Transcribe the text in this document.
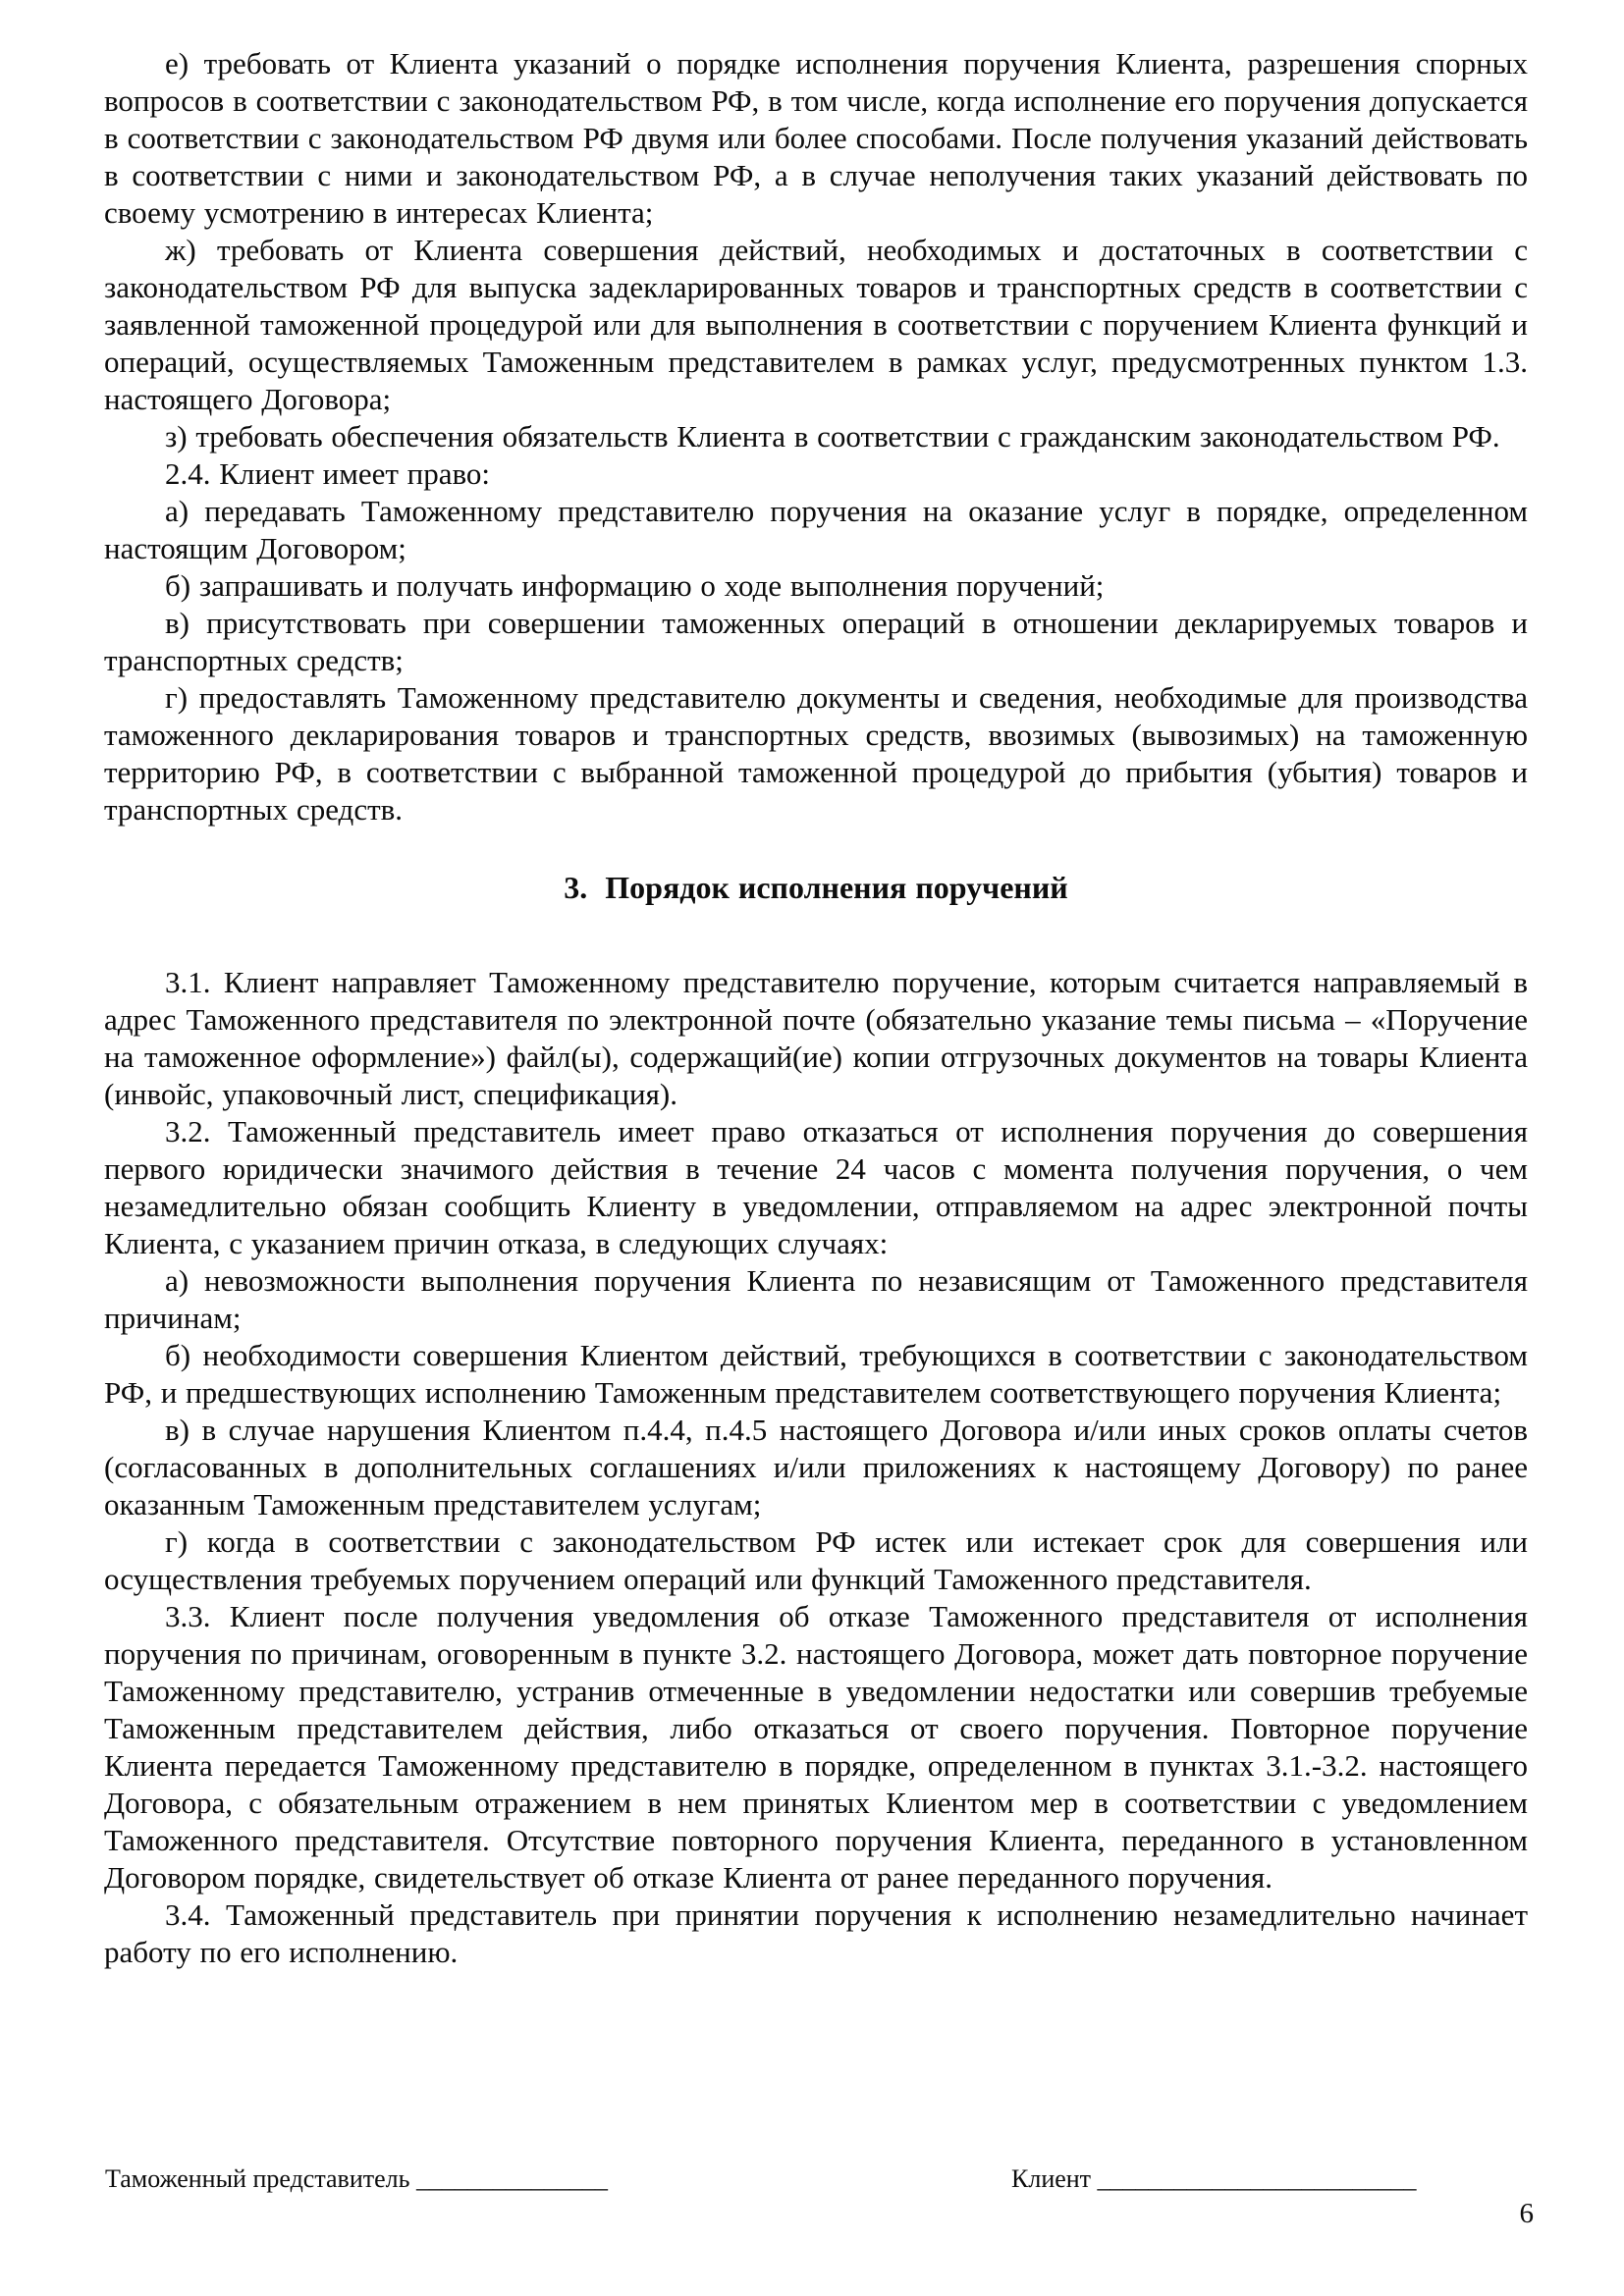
е) требовать от Клиента указаний о порядке исполнения поручения Клиента, разрешения спорных вопросов в соответствии с законодательством РФ, в том числе, когда исполнение его поручения допускается в соответствии с законодательством РФ двумя или более способами. После получения указаний действовать в соответствии с ними и законодательством РФ, а в случае неполучения таких указаний действовать по своему усмотрению в интересах Клиента;

ж) требовать от Клиента совершения действий, необходимых и достаточных в соответствии с законодательством РФ для выпуска задекларированных товаров и транспортных средств в соответствии с заявленной таможенной процедурой или для выполнения в соответствии с поручением Клиента функций и операций, осуществляемых Таможенным представителем в рамках услуг, предусмотренных пунктом 1.3. настоящего Договора;

з) требовать обеспечения обязательств Клиента в соответствии с гражданским законодательством РФ.

2.4. Клиент имеет право:

а) передавать Таможенному представителю поручения на оказание услуг в порядке, определенном настоящим Договором;

б) запрашивать и получать информацию о ходе выполнения поручений;

в) присутствовать при совершении таможенных операций в отношении декларируемых товаров и транспортных средств;

г) предоставлять Таможенному представителю документы и сведения, необходимые для производства таможенного декларирования товаров и транспортных средств, ввозимых (вывозимых) на таможенную территорию РФ, в соответствии с выбранной таможенной процедурой до прибытия (убытия) товаров и транспортных средств.

3.  Порядок исполнения поручений

3.1. Клиент направляет Таможенному представителю поручение, которым считается направляемый в адрес Таможенного представителя по электронной почте (обязательно указание темы письма – «Поручение на таможенное оформление») файл(ы), содержащий(ие) копии отгрузочных документов на товары Клиента (инвойс, упаковочный лист, спецификация).

3.2. Таможенный представитель имеет право отказаться от исполнения поручения до совершения первого юридически значимого действия в течение 24 часов с момента получения поручения, о чем незамедлительно обязан сообщить Клиенту в уведомлении, отправляемом на адрес электронной почты Клиента, с указанием причин отказа, в следующих случаях:

а) невозможности выполнения поручения Клиента по независящим от Таможенного представителя причинам;

б) необходимости совершения Клиентом действий, требующихся в соответствии с законодательством РФ, и предшествующих исполнению Таможенным представителем соответствующего поручения Клиента;

в) в случае нарушения Клиентом п.4.4, п.4.5 настоящего Договора и/или иных сроков оплаты счетов (согласованных в дополнительных соглашениях и/или приложениях к настоящему Договору) по ранее оказанным Таможенным представителем услугам;

г) когда в соответствии с законодательством РФ истек или истекает срок для совершения или осуществления требуемых поручением операций или функций Таможенного представителя.

3.3. Клиент после получения уведомления об отказе Таможенного представителя от исполнения поручения по причинам, оговоренным в пункте 3.2. настоящего Договора, может дать повторное поручение Таможенному представителю, устранив отмеченные в уведомлении недостатки или совершив требуемые Таможенным представителем действия, либо отказаться от своего поручения. Повторное поручение Клиента передается Таможенному представителю в порядке, определенном в пунктах 3.1.-3.2. настоящего Договора, с обязательным отражением в нем принятых Клиентом мер в соответствии с уведомлением Таможенного представителя. Отсутствие повторного поручения Клиента, переданного в установленном Договором порядке, свидетельствует об отказе Клиента от ранее переданного поручения.

3.4. Таможенный представитель при принятии поручения к исполнению незамедлительно начинает работу по его исполнению.

Таможенный представитель _______________	Клиент _________________________
6
